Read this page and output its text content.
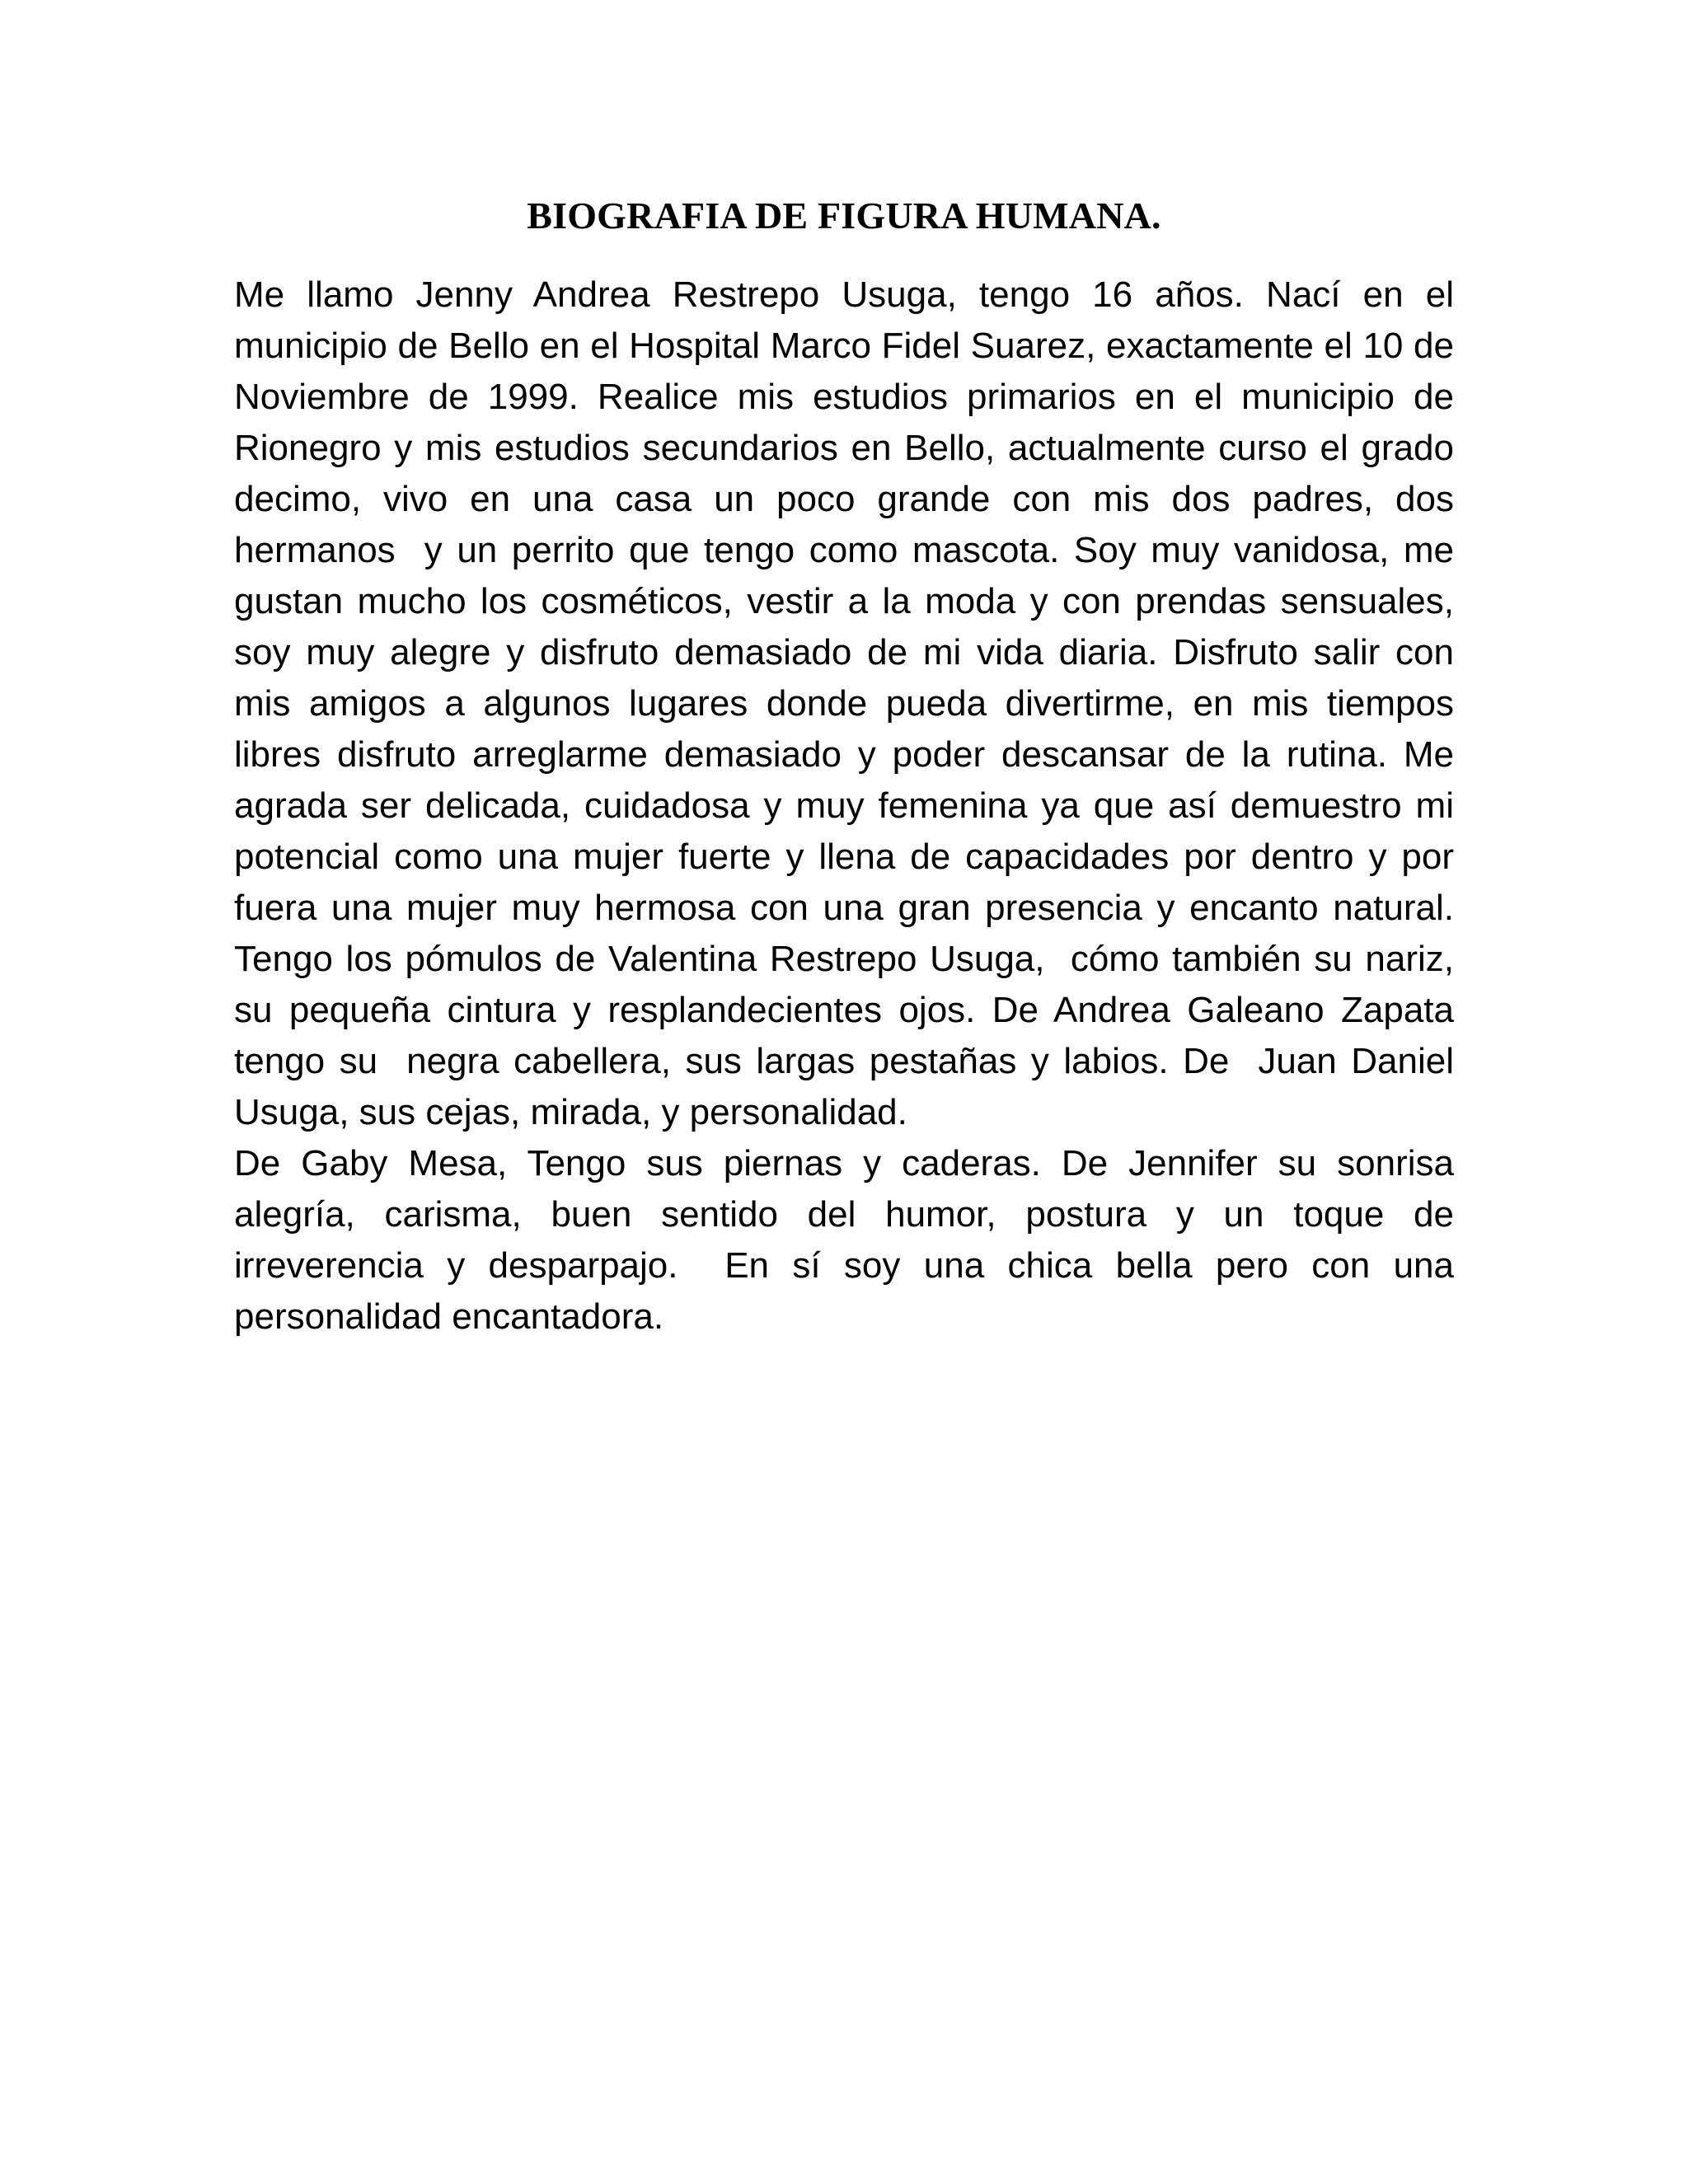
BIOGRAFIA DE FIGURA HUMANA.

Me llamo Jenny Andrea Restrepo Usuga, tengo 16 años. Nací en el municipio de Bello en el Hospital Marco Fidel Suarez, exactamente el 10 de Noviembre de 1999. Realice mis estudios primarios en el municipio de Rionegro y mis estudios secundarios en Bello, actualmente curso el grado decimo, vivo en una casa un poco grande con mis dos padres, dos hermanos  y un perrito que tengo como mascota. Soy muy vanidosa, me gustan mucho los cosméticos, vestir a la moda y con prendas sensuales, soy muy alegre y disfruto demasiado de mi vida diaria. Disfruto salir con mis amigos a algunos lugares donde pueda divertirme, en mis tiempos libres disfruto arreglarme demasiado y poder descansar de la rutina. Me agrada ser delicada, cuidadosa y muy femenina ya que así demuestro mi potencial como una mujer fuerte y llena de capacidades por dentro y por fuera una mujer muy hermosa con una gran presencia y encanto natural. Tengo los pómulos de Valentina Restrepo Usuga,  cómo también su nariz, su pequeña cintura y resplandecientes ojos. De Andrea Galeano Zapata  tengo su  negra cabellera, sus largas pestañas y labios. De  Juan Daniel Usuga, sus cejas, mirada, y personalidad.

De Gaby Mesa, Tengo sus piernas y caderas. De Jennifer su sonrisa alegría, carisma, buen sentido del humor, postura y un toque de irreverencia y desparpajo.  En sí soy una chica bella pero con una personalidad encantadora.
